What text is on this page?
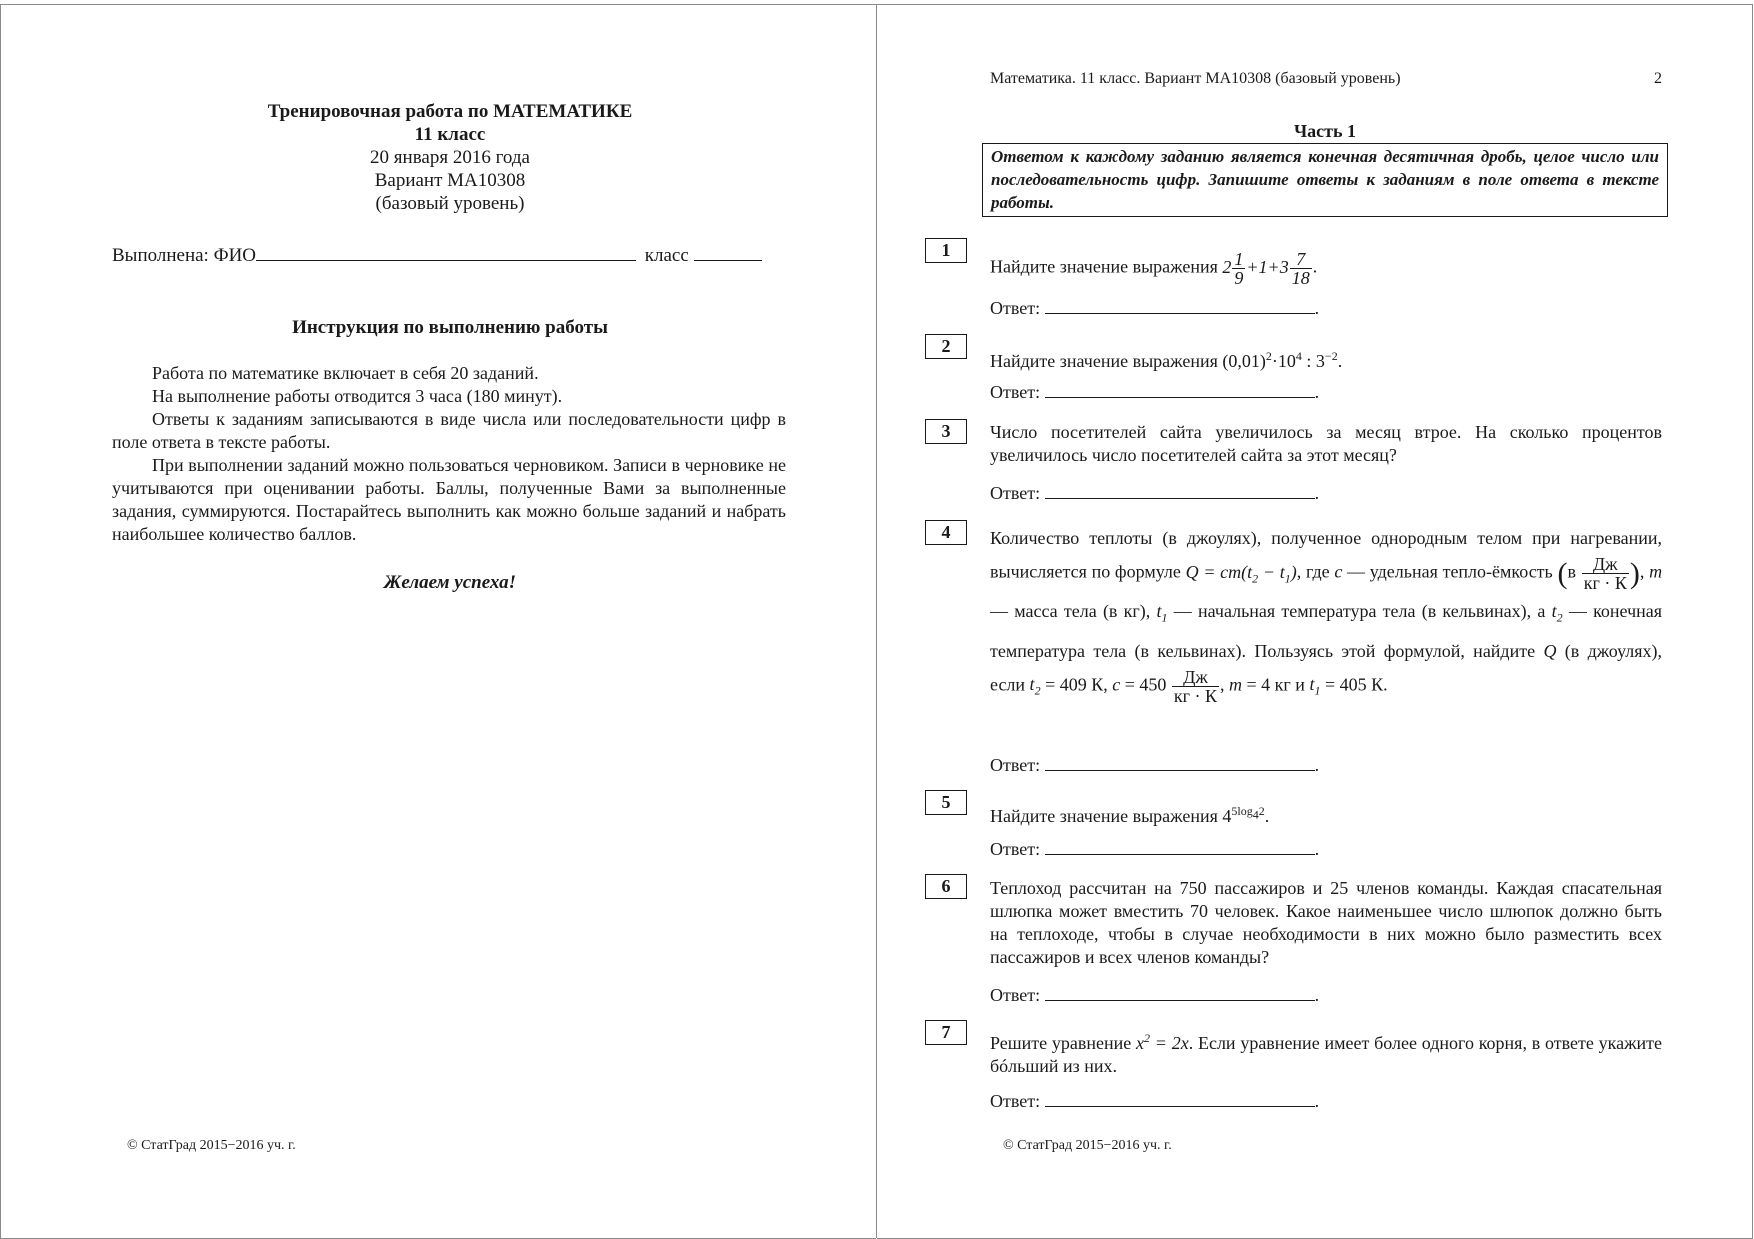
Тренировочная работа по МАТЕМАТИКЕ
11 класс
20 января 2016 года
Вариант МА10308
(базовый уровень)
Выполнена: ФИО	класс
Инструкция по выполнению работы

Работа по математике включает в себя 20 заданий.

На выполнение работы отводится 3 часа (180 минут).

Ответы к заданиям записываются в виде числа или последовательности цифр в поле ответа в тексте работы.

При выполнении заданий можно пользоваться черновиком. Записи в черновике не учитываются при оценивании работы. Баллы, полученные Вами за выполненные задания, суммируются. Постарайтесь выполнить как можно больше заданий и набрать наибольшее количество баллов.

Желаем успеха!
© СтатГрад 2015−2016 уч. г.
Математика. 11 класс. Вариант МА10308 (базовый уровень)	2
Часть 1
Ответом к каждому заданию является конечная десятичная дробь, целое число или последовательность цифр. Запишите ответы к заданиям в поле ответа в тексте работы.
1
Найдите значение выражения $2 \frac{1}{9} +1+3 \frac{7}{18}$ .
Ответ:	.
2
Найдите значение выражения $(0,01)^2\cdot 10^4$ : $3^{-2}$.
Ответ:	.
3	Число посетителей сайта увеличилось за месяц втрое. На сколько процентов увеличилось число посетителей сайта за этот месяц?
Ответ:	.
4	Количество теплоты (в джоулях), полученное однородным телом при нагревании, вычисляется по формуле $Q = cm(t_2 - t_1)$, где c — удельная тепло-ёмкость ($в \frac{Дж}{кг \cdot К}$ ), m — масса тела (в кг), $t_1$ — начальная температура тела (в кельвинах), а $t_2$ — конечная температура тела (в кельвинах). Пользуясь этой формулой, найдите Q (в джоулях), если $t_2 = 409$ К, $c = 450 \frac{Дж}{кг \cdot К}$ , m = 4 кг и $t_1 = 405$ К.
Ответ:	.
5
Найдите значение выражения $4^{5log_42}$.
Ответ:	.
6	Теплоход рассчитан на 750 пассажиров и 25 членов команды. Каждая спасательная шлюпка может вместить 70 человек. Какое наименьшее число шлюпок должно быть на теплоходе, чтобы в случае необходимости в них можно было разместить всех пассажиров и всех членов команды?
Ответ:	.
7
Решите уравнение $x^2 = 2x$. Если уравнение имеет более одного корня, в ответе укажите бóльший из них.
Ответ:	.
© СтатГрад 2015−2016 уч. г.
